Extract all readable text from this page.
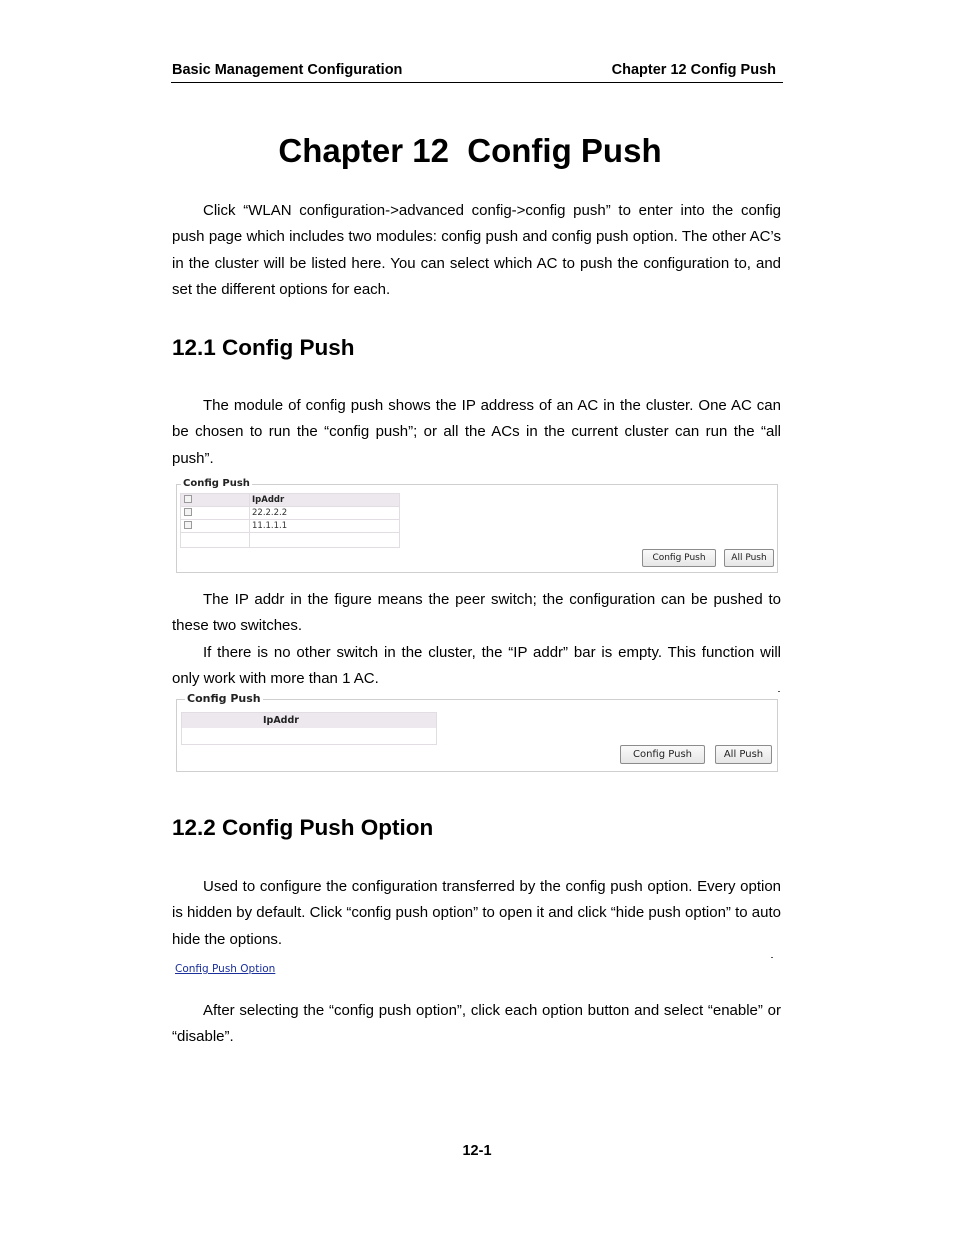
Basic Management Configuration	Chapter 12 Config Push
Chapter 12  Config Push
Click “WLAN configuration->advanced config->config push” to enter into the config push page which includes two modules: config push and config push option. The other AC’s in the cluster will be listed here. You can select which AC to push the configuration to, and set the different options for each.
12.1 Config Push
The module of config push shows the IP address of an AC in the cluster. One AC can be chosen to run the “config push”; or all the ACs in the current cluster can run the “all push”.
Config Push
	IpAddr
	22.2.2.2
	11.1.1.1

Config Push	All Push
The IP addr in the figure means the peer switch; the configuration can be pushed to these two switches.
If there is no other switch in the cluster, the “IP addr” bar is empty. This function will only work with more than 1 AC.
Config Push
IpAddr
Config Push	All Push
12.2 Config Push Option
Used to configure the configuration transferred by the config push option. Every option is hidden by default. Click “config push option” to open it and click “hide push option” to auto hide the options.
Config Push Option
After selecting the “config push option”, click each option button and select “enable” or “disable”.
12-1
